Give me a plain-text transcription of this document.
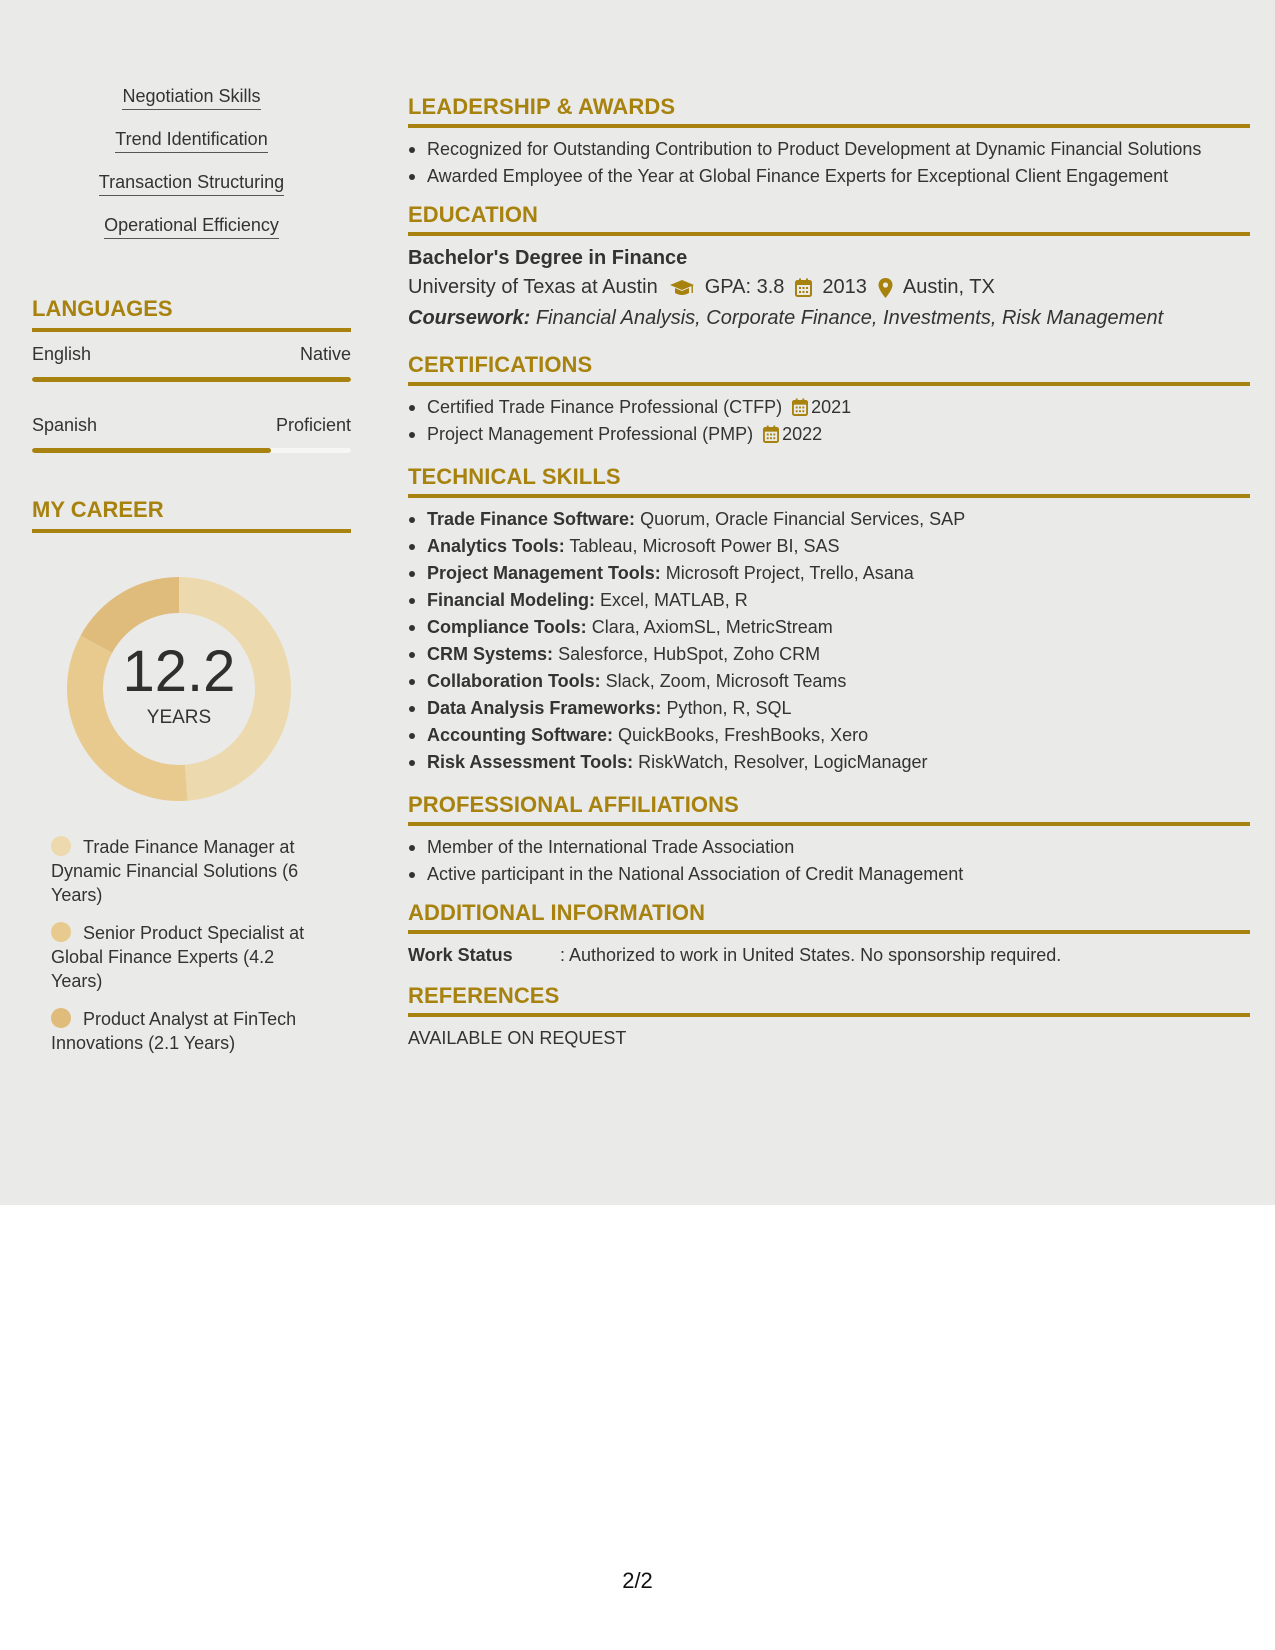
Negotiation Skills
Trend Identification
Transaction Structuring
Operational Efficiency
LANGUAGES
English	Native
Spanish	Proficient
MY CAREER
12.2
YEARS
Trade Finance Manager at Dynamic Financial Solutions (6 Years)
Senior Product Specialist at Global Finance Experts (4.2 Years)
Product Analyst at FinTech Innovations (2.1 Years)
LEADERSHIP & AWARDS
Recognized for Outstanding Contribution to Product Development at Dynamic Financial Solutions
Awarded Employee of the Year at Global Finance Experts for Exceptional Client Engagement
EDUCATION
Bachelor's Degree in Finance
University of Texas at Austin GPA: 3.8 2013 Austin, TX
Coursework: Financial Analysis, Corporate Finance, Investments, Risk Management
CERTIFICATIONS
Certified Trade Finance Professional (CTFP) 2021
Project Management Professional (PMP) 2022
TECHNICAL SKILLS
Trade Finance Software: Quorum, Oracle Financial Services, SAP
Analytics Tools: Tableau, Microsoft Power BI, SAS
Project Management Tools: Microsoft Project, Trello, Asana
Financial Modeling: Excel, MATLAB, R
Compliance Tools: Clara, AxiomSL, MetricStream
CRM Systems: Salesforce, HubSpot, Zoho CRM
Collaboration Tools: Slack, Zoom, Microsoft Teams
Data Analysis Frameworks: Python, R, SQL
Accounting Software: QuickBooks, FreshBooks, Xero
Risk Assessment Tools: RiskWatch, Resolver, LogicManager
PROFESSIONAL AFFILIATIONS
Member of the International Trade Association
Active participant in the National Association of Credit Management
ADDITIONAL INFORMATION
Work Status	: Authorized to work in United States. No sponsorship required.
REFERENCES
AVAILABLE ON REQUEST
2/2
